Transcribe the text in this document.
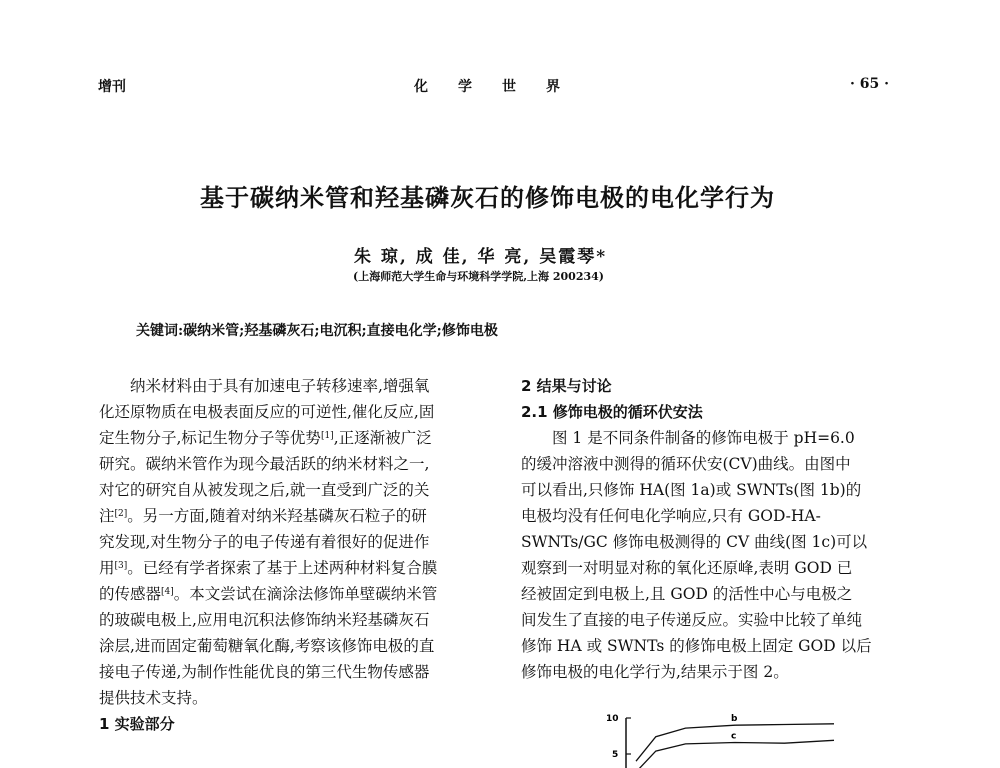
增刊	化学世界	· 65 ·
基于碳纳米管和羟基磷灰石的修饰电极的电化学行为
朱 琼, 成 佳, 华 亮, 吴霞琴*
(上海师范大学生命与环境科学学院,上海 200234)
关键词:碳纳米管;羟基磷灰石;电沉积;直接电化学;修饰电极
纳米材料由于具有加速电子转移速率,增强氧
化还原物质在电极表面反应的可逆性,催化反应,固
定生物分子,标记生物分子等优势[1],正逐渐被广泛
研究。碳纳米管作为现今最活跃的纳米材料之一,
对它的研究自从被发现之后,就一直受到广泛的关
注[2]。另一方面,随着对纳米羟基磷灰石粒子的研
究发现,对生物分子的电子传递有着很好的促进作
用[3]。已经有学者探索了基于上述两种材料复合膜
的传感器[4]。本文尝试在滴涂法修饰单壁碳纳米管
的玻碳电极上,应用电沉积法修饰纳米羟基磷灰石
涂层,进而固定葡萄糖氧化酶,考察该修饰电极的直
接电子传递,为制作性能优良的第三代生物传感器
提供技术支持。
1 实验部分
2 结果与讨论
2.1 修饰电极的循环伏安法
图 1 是不同条件制备的修饰电极于 pH=6.0
的缓冲溶液中测得的循环伏安(CV)曲线。由图中
可以看出,只修饰 HA(图 1a)或 SWNTs(图 1b)的
电极均没有任何电化学响应,只有 GOD-HA-
SWNTs/GC 修饰电极测得的 CV 曲线(图 1c)可以
观察到一对明显对称的氧化还原峰,表明 GOD 已
经被固定到电极上,且 GOD 的活性中心与电极之
间发生了直接的电子传递反应。实验中比较了单纯
修饰 HA 或 SWNTs 的修饰电极上固定 GOD 以后
修饰电极的电化学行为,结果示于图 2。
10
5
b
c
